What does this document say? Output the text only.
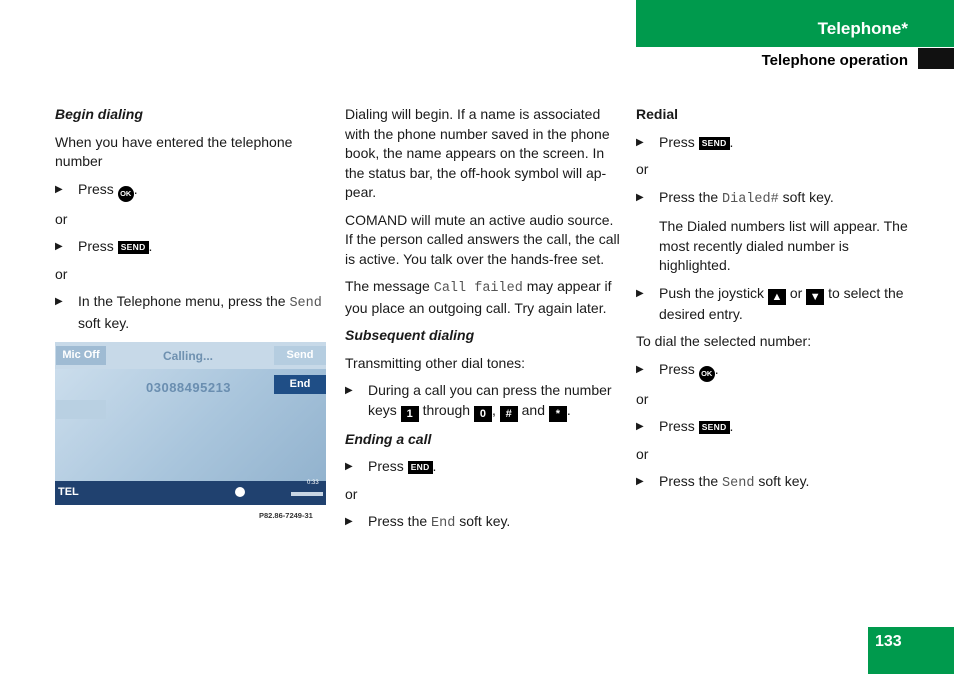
Telephone*
Telephone operation
Begin dialing

When you have entered the telephone number

▶ Press OK .

or

▶ Press SEND .

or

▶ In the Telephone menu, press the Send soft key.
Mic Off	Calling...	Send
End
03088495213
TEL
0:33
P82.86-7249-31

Dialing will begin. If a name is associated with the phone number saved in the phone book, the name appears on the screen. In the status bar, the off-hook symbol will ap-pear.

COMAND will mute an active audio source. If the person called answers the call, the call is active. You talk over the hands-free set.

The message Call failed may appear if you place an outgoing call. Try again later.

Subsequent dialing

Transmitting other dial tones:

▶ During a call you can press the number keys 1 through 0 , # and * .
Ending a call
▶ Press END .

or

▶ Press the End soft key.
Redial
▶ Press SEND .

or

▶ Press the Dialed# soft key.

The Dialed numbers list will appear. The most recently dialed number is highlighted.

▶ Push the joystick ▲ or ▼ to select the desired entry.

To dial the selected number:

▶ Press OK .

or

▶ Press SEND .

or

▶ Press the Send soft key.
133
